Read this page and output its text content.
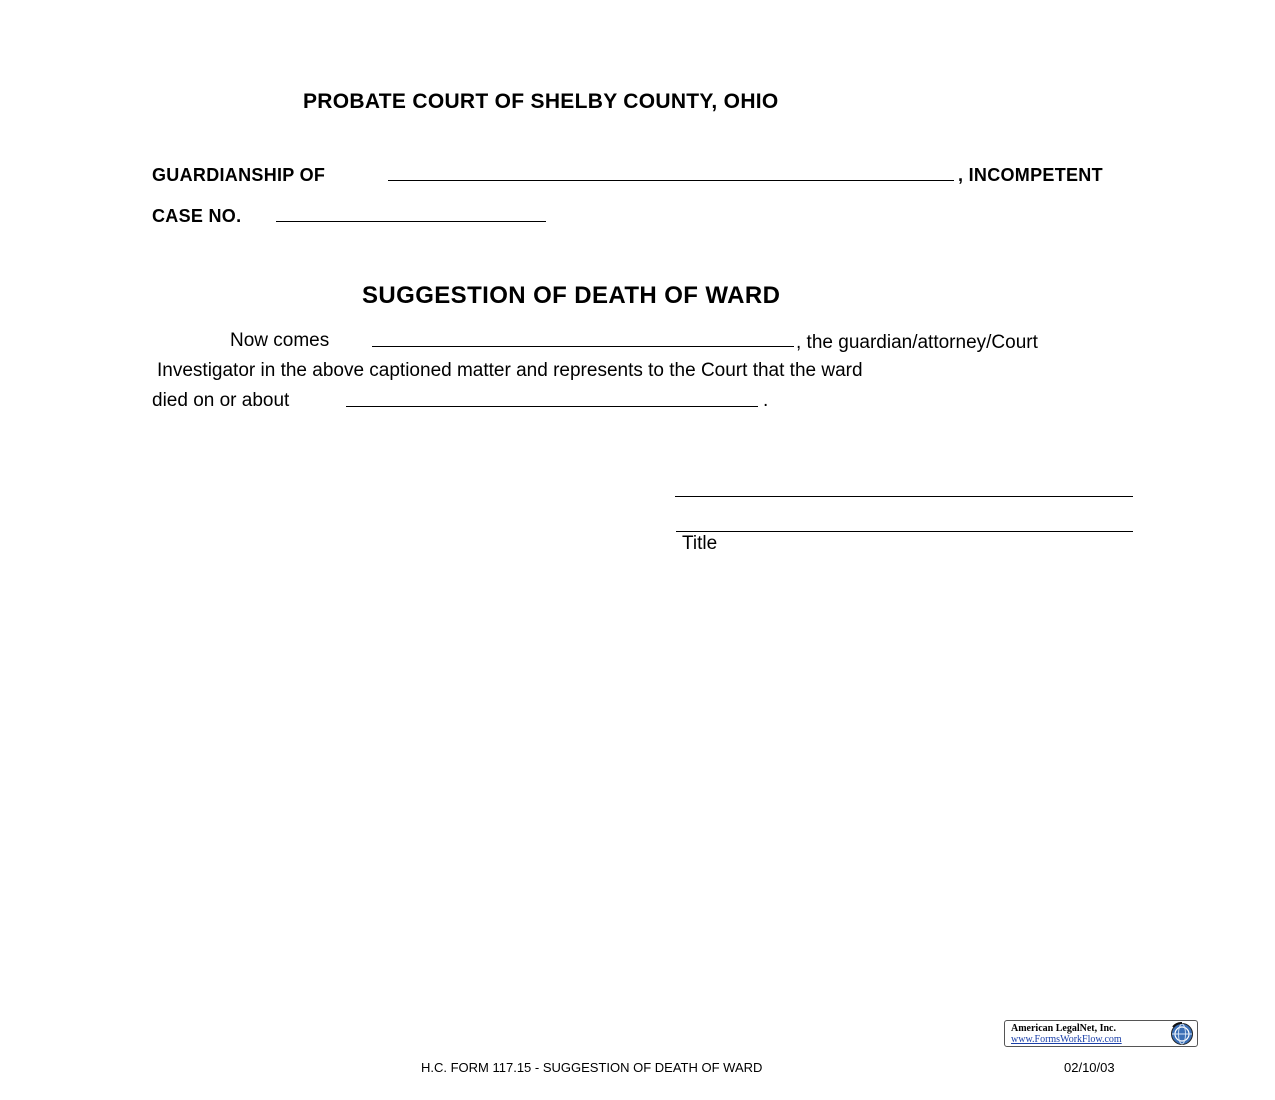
PROBATE COURT OF SHELBY COUNTY, OHIO
GUARDIANSHIP OF	, INCOMPETENT
CASE NO.
SUGGESTION OF DEATH OF WARD
Now comes	, the guardian/attorney/Court
Investigator in the above captioned matter and represents to the Court that the ward
died on or about	.
Title
American LegalNet, Inc.
www.FormsWorkFlow.com
H.C. FORM 117.15 - SUGGESTION OF DEATH OF WARD	02/10/03
